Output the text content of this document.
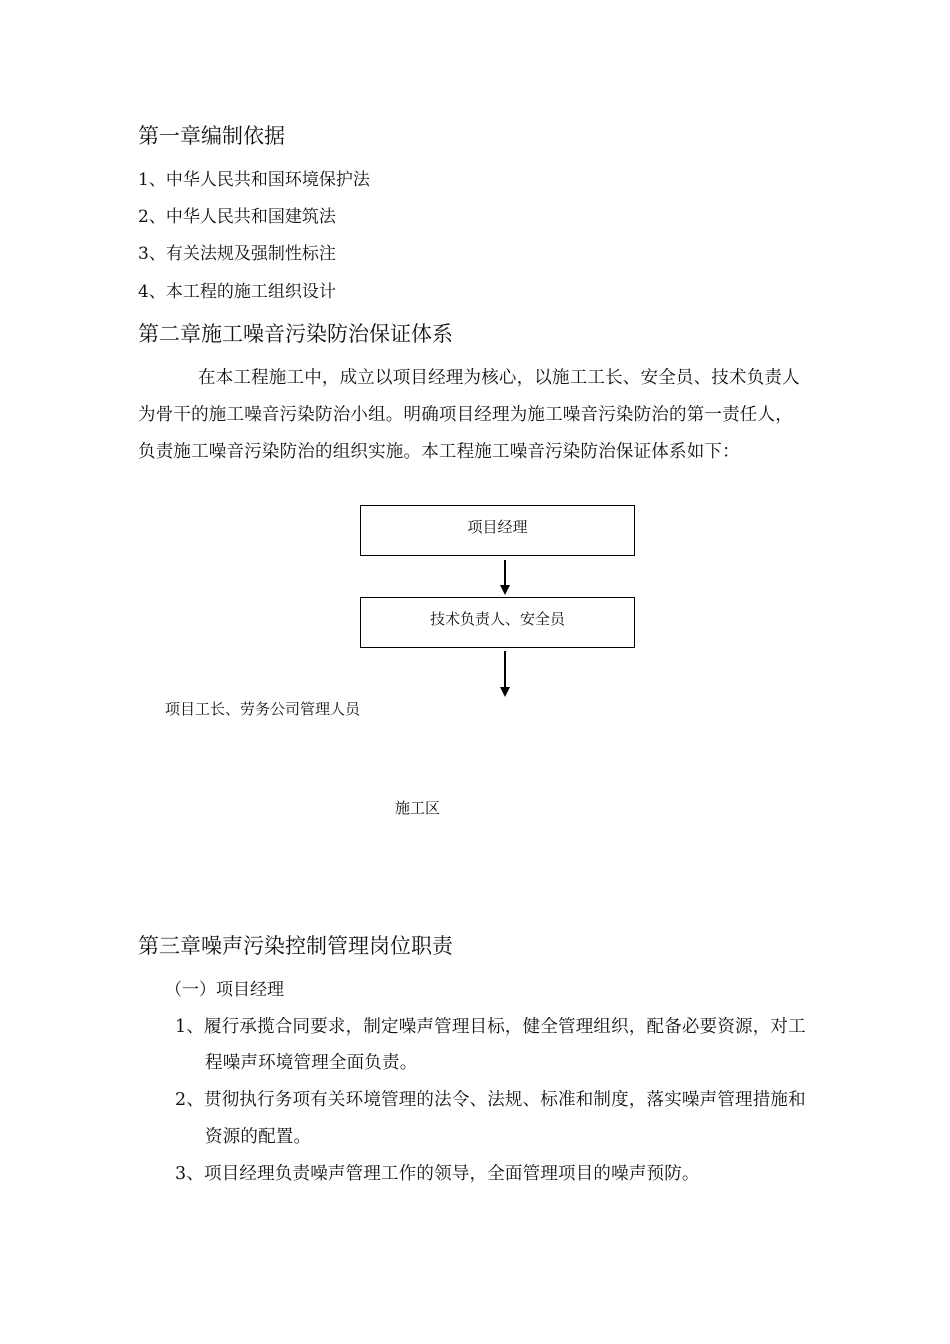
第一章编制依据
1、中华人民共和国环境保护法
2、中华人民共和国建筑法
3、有关法规及强制性标注
4、本工程的施工组织设计
第二章施工噪音污染防治保证体系
在本工程施工中，成立以项目经理为核心，以施工工长、安全员、技术负责人
为骨干的施工噪音污染防治小组。明确项目经理为施工噪音污染防治的第一责任人，
负责施工噪音污染防治的组织实施。本工程施工噪音污染防治保证体系如下：
项目经理
技术负责人、安全员
项目工长、劳务公司管理人员
施工区
第三章噪声污染控制管理岗位职责
（一）项目经理
1、履行承揽合同要求，制定噪声管理目标，健全管理组织，配备必要资源，对工
程噪声环境管理全面负责。
2、贯彻执行务项有关环境管理的法令、法规、标准和制度，落实噪声管理措施和
资源的配置。
3、项目经理负责噪声管理工作的领导，全面管理项目的噪声预防。
